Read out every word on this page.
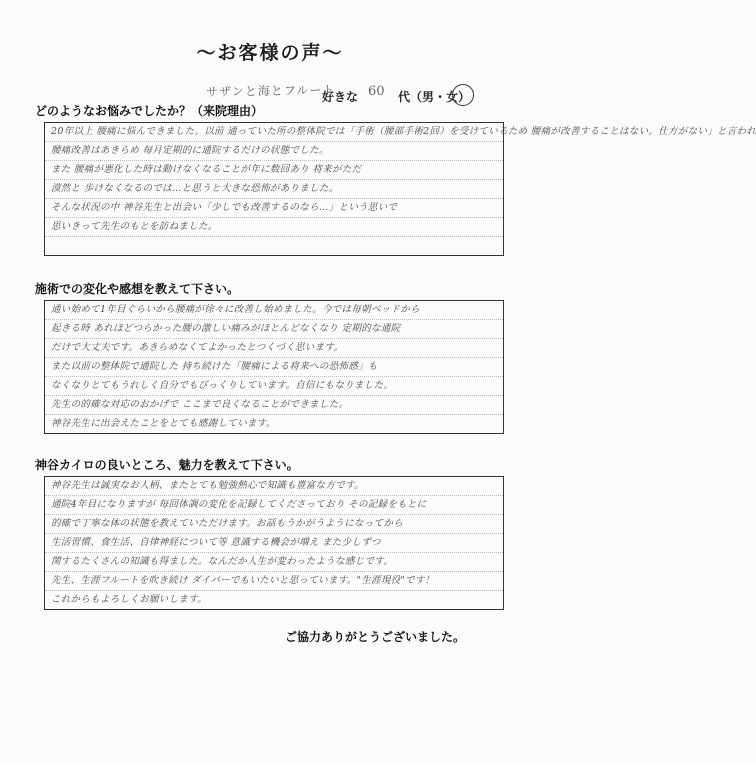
〜お客様の声〜
サザンと海とフルート
好きな 60 代（男・女）
どのようなお悩みでしたか？（来院理由）
20年以上 腰痛に悩んできました。以前 通っていた所の整体院では「手術（腰部手術2回）を受けているため 腰痛が改善することはない。仕方がない」と言われ
腰痛改善はあきらめ 毎月定期的に通院するだけの状態でした。
また 腰痛が悪化した時は動けなくなることが年に数回あり 将来がただ
漠然と 歩けなくなるのでは…と思うと大きな恐怖がありました。
そんな状況の中 神谷先生と出会い「少しでも改善するのなら…」という思いで
思いきって先生のもとを訪ねました。
施術での変化や感想を教えて下さい。
通い始めて1年目ぐらいから腰痛が徐々に改善し始めました。今では毎朝ベッドから
起きる時 あれほどつらかった腰の激しい痛みがほとんどなくなり 定期的な通院
だけで大丈夫です。あきらめなくてよかったとつくづく思います。
また以前の整体院で通院した 持ち続けた「腰痛による将来への恐怖感」も
なくなりとてもうれしく自分でもびっくりしています。自信にもなりました。
先生の的確な対応のおかげで ここまで良くなることができました。
神谷先生に出会えたことをとても感謝しています。
神谷カイロの良いところ、魅力を教えて下さい。
神谷先生は誠実なお人柄、またとても勉強熱心で知識も豊富な方です。
通院4年目になりますが 毎回体調の変化を記録してくださっており その記録をもとに
的確で丁寧な体の状態を教えていただけます。お話もうかがうようになってから
生活習慣、食生活、自律神経について等 意識する機会が増え また少しずつ
関するたくさんの知識も得ました。なんだか人生が変わったような感じです。
先生、生涯フルートを吹き続け ダイバーでもいたいと思っています。"生涯現役"です！
これからもよろしくお願いします。
ご協力ありがとうございました。
